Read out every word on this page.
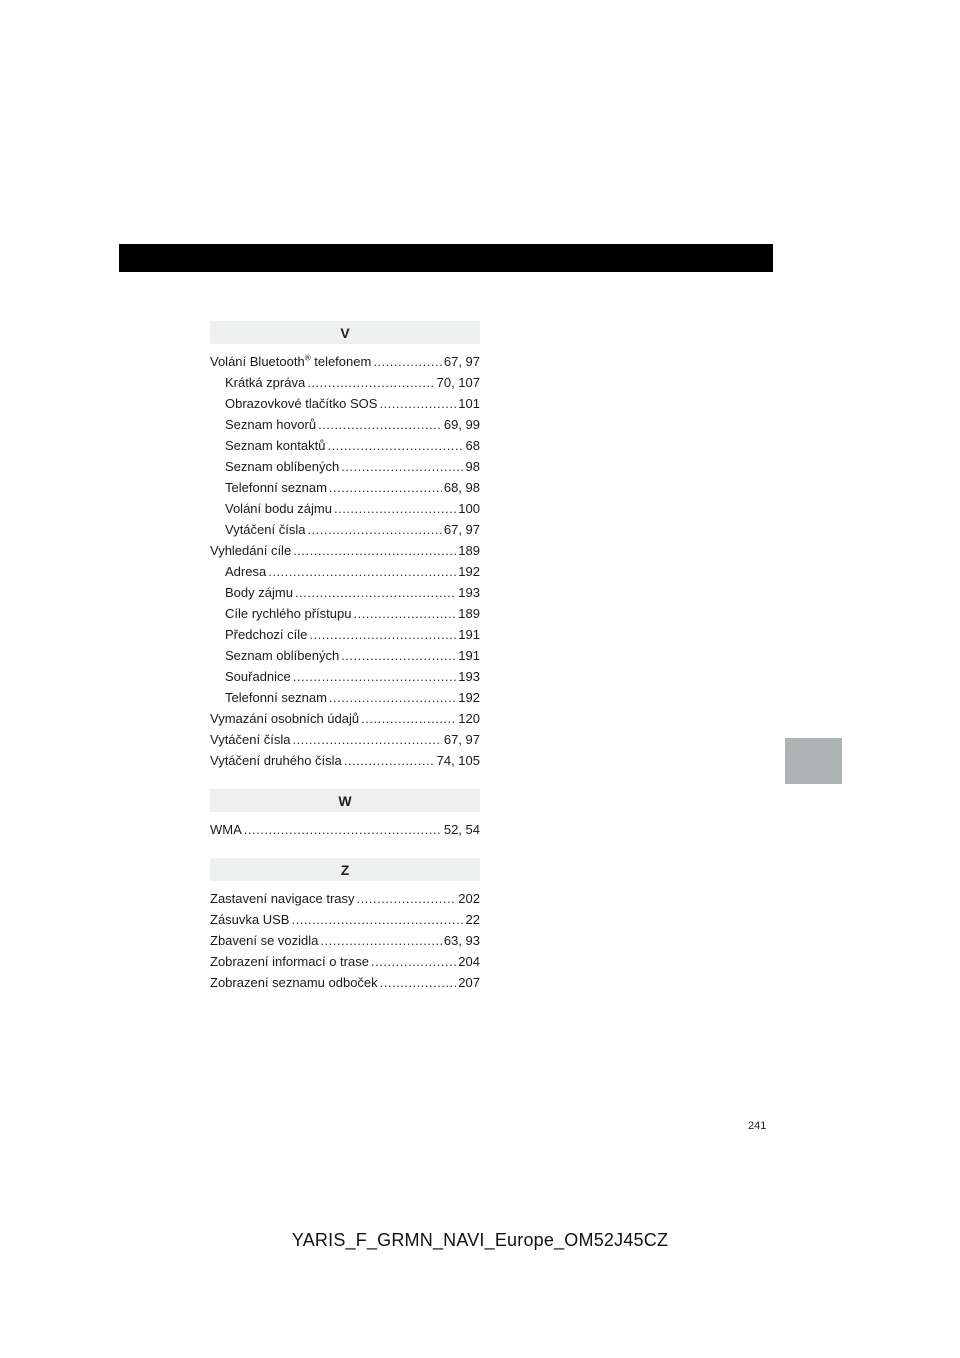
V
Volání Bluetooth® telefonem .....	67, 97
Krátká zpráva .....	70, 107
Obrazovkové tlačítko SOS .....	101
Seznam hovorů .....	69, 99
Seznam kontaktů .....	68
Seznam oblíbených .....	98
Telefonní seznam .....	68, 98
Volání bodu zájmu .....	100
Vytáčení čísla .....	67, 97
Vyhledání cíle .....	189
Adresa .....	192
Body zájmu .....	193
Cíle rychlého přístupu .....	189
Předchozí cíle .....	191
Seznam oblíbených .....	191
Souřadnice .....	193
Telefonní seznam .....	192
Vymazání osobních údajů .....	120
Vytáčení čísla .....	67, 97
Vytáčení druhého čísla .....	74, 105
W
WMA .....	52, 54
Z
Zastavení navigace trasy .....	202
Zásuvka USB .....	22
Zbavení se vozidla .....	63, 93
Zobrazení informací o trase .....	204
Zobrazení seznamu odboček .....	207
241
YARIS_F_GRMN_NAVI_Europe_OM52J45CZ
